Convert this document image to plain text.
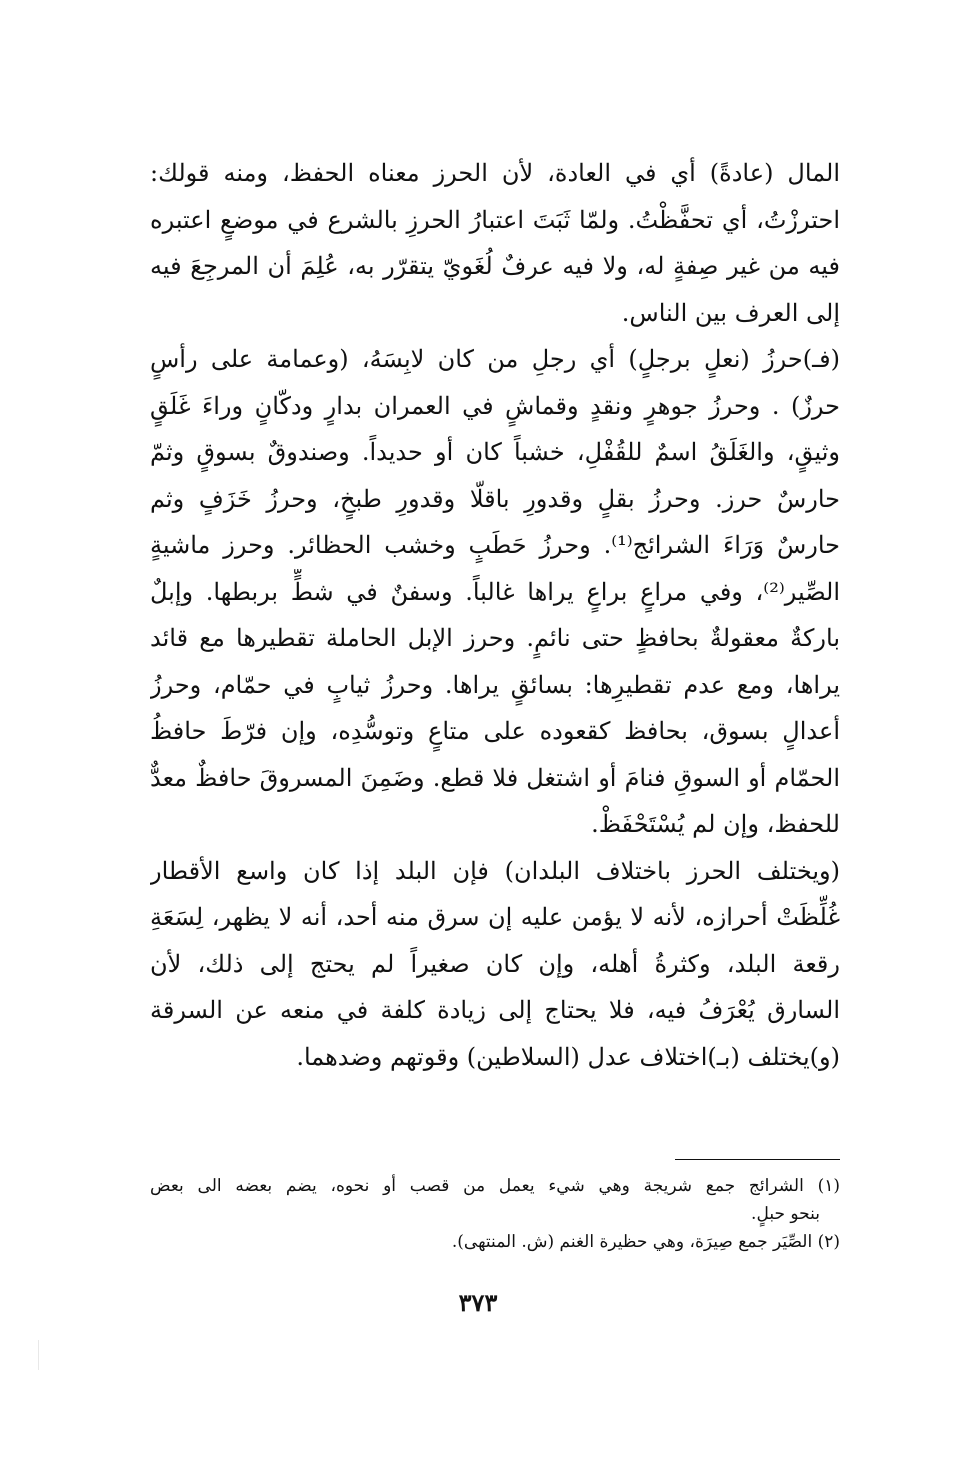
المال (عادةً) أي في العادة، لأن الحرز معناه الحفظ، ومنه قولك:
احترزْتُ، أي تحفَّظْتُ. ولمّا ثَبَتَ اعتبارُ الحرزِ بالشرع في موضعٍ اعتبره
فيه من غير صِفةٍ له، ولا فيه عرفٌ لُغَويّ يتقرّر به، عُلِمَ أن المرجِعَ فيه
إلى العرف بين الناس.
(فـ)حرزُ (نعلٍ برجلٍ) أي رجلِ من كان لابِسَهُ، (وعمامة على رأسٍ
حرزٌ) . وحرزُ جوهرٍ ونقدٍ وقماشٍ في العمران بدارٍ ودكّانٍ وراءَ غَلَقٍ
وثيقٍ، والغَلَقُ اسمٌ للقُفْلِ، خشباً كان أو حديداً. وصندوقٌ بسوقٍ وثمّ
حارسٌ حرز. وحرزُ بقلٍ وقدورِ باقلّا وقدورِ طبخٍ، وحرزُ خَزَفٍ وثم
حارسٌ وَرَاءَ الشرائج⁽¹⁾. وحرزُ حَطَبٍ وخشب الحظائر. وحرز ماشيةٍ
الصِّير⁽²⁾، وفي مراعٍ براعٍ يراها غالباً. وسفنٌ في شطٍّ بربطها. وإبلٌ
باركةٌ معقولةٌ بحافظٍ حتى نائمٍ. وحرز الإبل الحاملة تقطيرها مع قائد
يراها، ومع عدم تقطيرِها: بسائقٍ يراها. وحرزُ ثيابٍ في حمّام، وحرزُ
أعدالٍ بسوق، بحافظ كقعوده على متاعٍ وتوسُّدِه، وإن فرّطَ حافظُ
الحمّام أو السوقِ فنامَ أو اشتغل فلا قطع. وضَمِنَ المسروقَ حافظٌ معدٌّ
للحفظ، وإن لم يُسْتَحْفَظْ.
(ويختلف الحرز باختلاف البلدان) فإن البلد إذا كان واسع الأقطار
غُلِّظَتْ أحرازه، لأنه لا يؤمن عليه إن سرق منه أحد، أنه لا يظهر، لِسَعَةِ
رقعة البلد، وكثرةُ أهله، وإن كان صغيراً لم يحتج إلى ذلك، لأن
السارق يُعْرَفُ فيه، فلا يحتاج إلى زيادة كلفة في منعه عن السرقة
(و)يختلف (بـ)اختلاف عدل (السلاطين) وقوتهم وضدهما.
(١) الشرائج جمع شريجة وهي شيء يعمل من قصب أو نحوه، يضم بعضه الى بعض
بنحو حبلٍ.
(٢) الصِّيَر جمع صِيرَة، وهي حظيرة الغنم (ش. المنتهى).
٣٧٣
